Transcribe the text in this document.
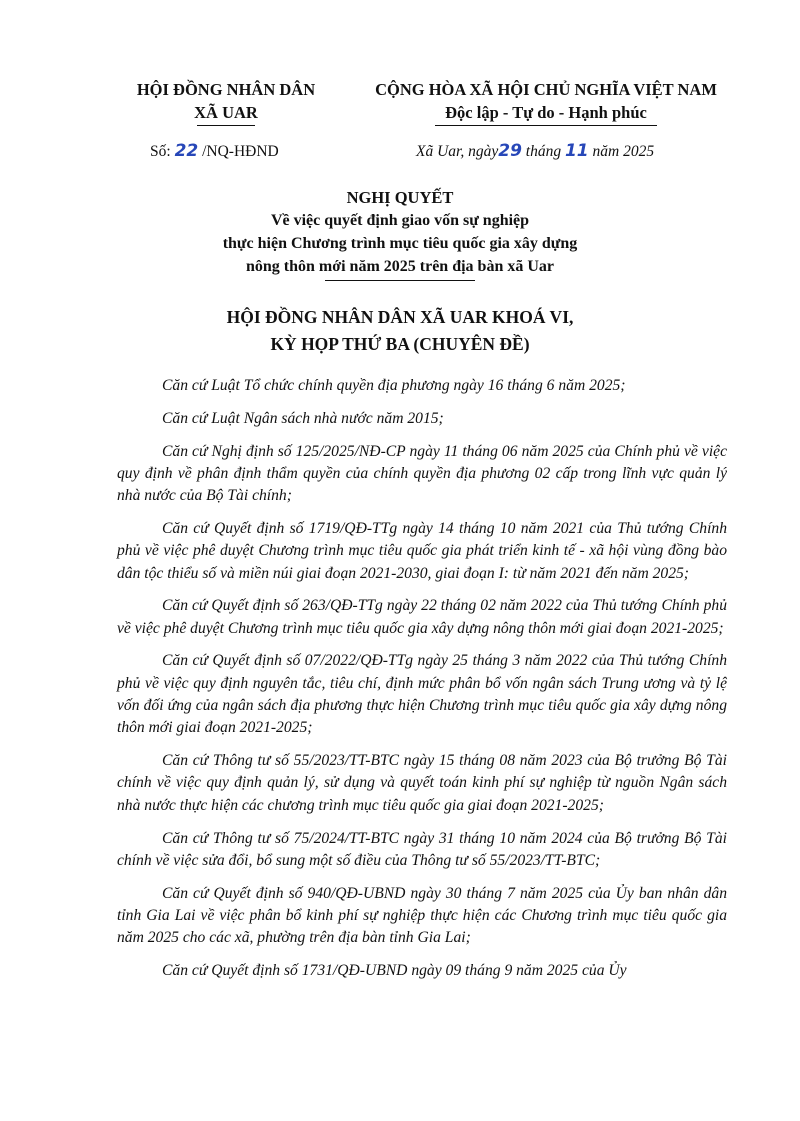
HỘI ĐỒNG NHÂN DÂN
XÃ UAR
CỘNG HÒA XÃ HỘI CHỦ NGHĨA VIỆT NAM
Độc lập - Tự do - Hạnh phúc
Số: 22 /NQ-HĐND	Xã Uar, ngày29 tháng 11 năm 2025
NGHỊ QUYẾT
Về việc quyết định giao vốn sự nghiệp
thực hiện Chương trình mục tiêu quốc gia xây dựng
nông thôn mới năm 2025 trên địa bàn xã Uar
HỘI ĐỒNG NHÂN DÂN XÃ UAR KHOÁ VI,
KỲ HỌP THỨ BA (CHUYÊN ĐỀ)

Căn cứ Luật Tổ chức chính quyền địa phương ngày 16 tháng 6 năm 2025;

Căn cứ Luật Ngân sách nhà nước năm 2015;

Căn cứ Nghị định số 125/2025/NĐ-CP ngày 11 tháng 06 năm 2025 của Chính phủ về việc quy định về phân định thẩm quyền của chính quyền địa phương 02 cấp trong lĩnh vực quản lý nhà nước của Bộ Tài chính;

Căn cứ Quyết định số 1719/QĐ-TTg ngày 14 tháng 10 năm 2021 của Thủ tướng Chính phủ về việc phê duyệt Chương trình mục tiêu quốc gia phát triển kinh tế - xã hội vùng đồng bào dân tộc thiểu số và miền núi giai đoạn 2021-2030, giai đoạn I: từ năm 2021 đến năm 2025;

Căn cứ Quyết định số 263/QĐ-TTg ngày 22 tháng 02 năm 2022 của Thủ tướng Chính phủ về việc phê duyệt Chương trình mục tiêu quốc gia xây dựng nông thôn mới giai đoạn 2021-2025;

Căn cứ Quyết định số 07/2022/QĐ-TTg ngày 25 tháng 3 năm 2022 của Thủ tướng Chính phủ về việc quy định nguyên tắc, tiêu chí, định mức phân bổ vốn ngân sách Trung ương và tỷ lệ vốn đối ứng của ngân sách địa phương thực hiện Chương trình mục tiêu quốc gia xây dựng nông thôn mới giai đoạn 2021-2025;

Căn cứ Thông tư số 55/2023/TT-BTC ngày 15 tháng 08 năm 2023 của Bộ trưởng Bộ Tài chính về việc quy định quản lý, sử dụng và quyết toán kinh phí sự nghiệp từ nguồn Ngân sách nhà nước thực hiện các chương trình mục tiêu quốc gia giai đoạn 2021-2025;

Căn cứ Thông tư số 75/2024/TT-BTC ngày 31 tháng 10 năm 2024 của Bộ trưởng Bộ Tài chính về việc sửa đổi, bổ sung một số điều của Thông tư số 55/2023/TT-BTC;

Căn cứ Quyết định số 940/QĐ-UBND ngày 30 tháng 7 năm 2025 của Ủy ban nhân dân tỉnh Gia Lai về việc phân bổ kinh phí sự nghiệp thực hiện các Chương trình mục tiêu quốc gia năm 2025 cho các xã, phường trên địa bàn tỉnh Gia Lai;

Căn cứ Quyết định số 1731/QĐ-UBND ngày 09 tháng 9 năm 2025 của Ủy
